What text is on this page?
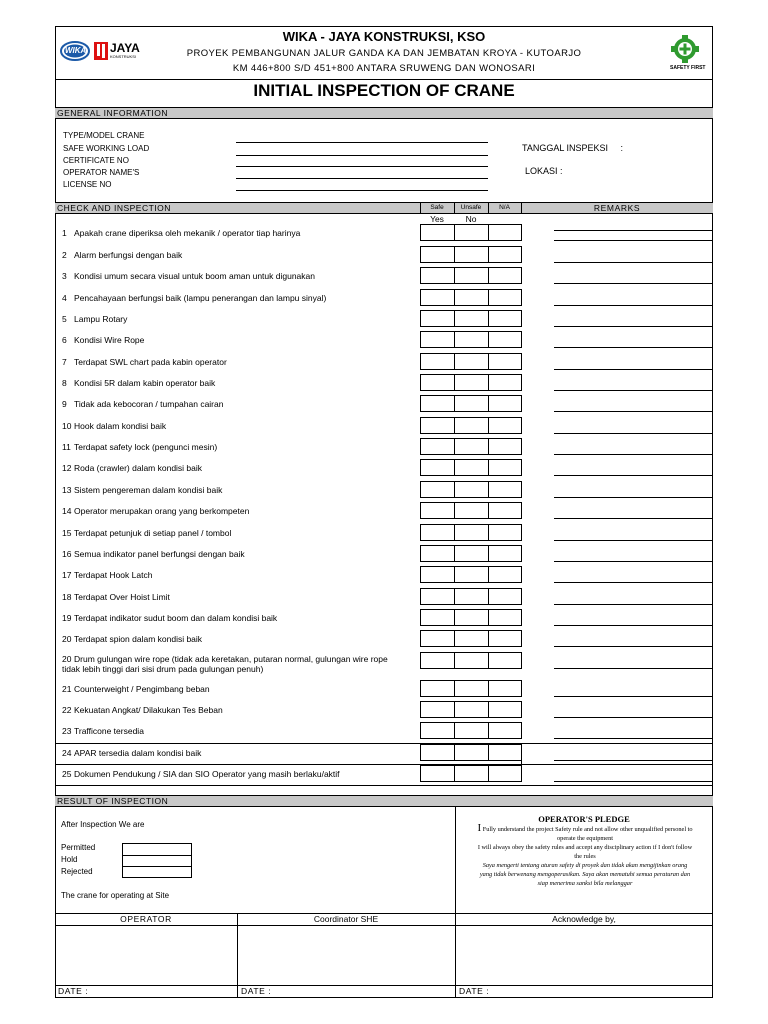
WIKA JAYA
KONSTRUKSI
WIKA - JAYA KONSTRUKSI, KSO
PROYEK PEMBANGUNAN JALUR GANDA KA DAN JEMBATAN KROYA - KUTOARJO
KM 446+800 S/D 451+800 ANTARA SRUWENG DAN WONOSARI	SAFETY FIRST
INITIAL INSPECTION OF CRANE
GENERAL INFORMATION
TYPE/MODEL CRANE
SAFE WORKING LOAD
CERTIFICATE NO
OPERATOR NAME'S
LICENSE NO
TANGGAL INSPEKSI     :
LOKASI :
CHECK AND INSPECTION	Safe	Unsafe	N/A	REMARKS
Yes	No
1 Apakah crane diperiksa oleh mekanik / operator tiap harinya
2 Alarm berfungsi dengan baik
3 Kondisi umum secara visual untuk boom aman untuk digunakan
4 Pencahayaan berfungsi baik (lampu penerangan dan lampu sinyal)
5 Lampu Rotary
6 Kondisi Wire Rope
7 Terdapat SWL chart pada kabin operator
8 Kondisi 5R dalam kabin operator baik
9 Tidak ada kebocoran / tumpahan cairan
10 Hook dalam kondisi baik
11 Terdapat safety lock (pengunci mesin)
12 Roda (crawler) dalam kondisi baik
13 Sistem pengereman dalam kondisi baik
14 Operator merupakan orang yang berkompeten
15 Terdapat petunjuk di setiap panel / tombol
16 Semua indikator panel berfungsi dengan baik
17 Terdapat Hook Latch
18 Terdapat Over Hoist Limit
19 Terdapat indikator sudut boom dan dalam kondisi baik
20 Terdapat spion dalam kondisi baik
20 Drum gulungan wire rope (tidak ada keretakan, putaran normal, gulungan wire rope
tidak lebih tinggi dari sisi drum pada gulungan penuh)
21 Counterweight / Pengimbang beban
22 Kekuatan Angkat/ Dilakukan Tes Beban
23 Trafficone tersedia
24 APAR tersedia dalam kondisi baik
25 Dokumen Pendukung / SIA dan SIO Operator yang masih berlaku/aktif
RESULT OF INSPECTION
After Inspection We are
Permitted
Hold
Rejected
The crane for operating at Site
OPERATOR'S PLEDGE
I Fully understand the project Safety rule and not allow other unqualified personel to
operate the equipment
I will always obey the safety rules and accept any disciplinary action if I don't follow
the rules
Saya mengerti tentang aturan safety di proyek dan tidak akan mengijinkan orang
yang tidak berwenang mengoperasikan. Saya akan mematuhi semua peraturan dan
siap menerima sanksi bila melanggar
OPERATOR	Coordinator SHE	Acknowledge by,
DATE :	DATE :	DATE :
